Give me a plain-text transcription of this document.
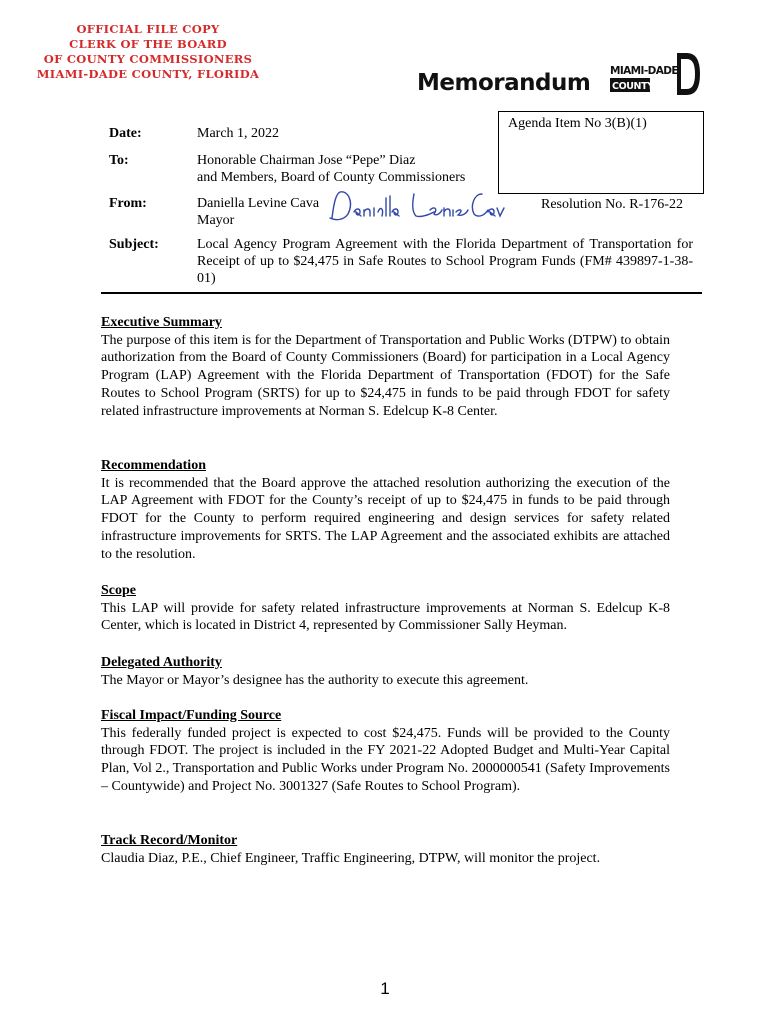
OFFICIAL FILE COPY
CLERK OF THE BOARD
OF COUNTY COMMISSIONERS
MIAMI-DADE COUNTY, FLORIDA	Memorandum MIAMI-DADE
COUNTY
Agenda Item No 3(B)(1)
Resolution No. R-176-22
Date:	March 1, 2022
To:	Honorable Chairman Jose “Pepe” Diaz
and Members, Board of County Commissioners
From:	Daniella Levine Cava
Mayor
Subject:	Local Agency Program Agreement with the Florida Department of Transportation for Receipt of up to $24,475 in Safe Routes to School Program Funds (FM# 439897-1-38-01)
Executive Summary

The purpose of this item is for the Department of Transportation and Public Works (DTPW) to obtain authorization from the Board of County Commissioners (Board) for participation in a Local Agency Program (LAP) Agreement with the Florida Department of Transportation (FDOT) for the Safe Routes to School Program (SRTS) for up to $24,475 in funds to be paid through FDOT for safety related infrastructure improvements at Norman S. Edelcup K-8 Center.

Recommendation

It is recommended that the Board approve the attached resolution authorizing the execution of the LAP Agreement with FDOT for the County’s receipt of up to $24,475 in funds to be paid through FDOT for the County to perform required engineering and design services for safety related infrastructure improvements for SRTS. The LAP Agreement and the associated exhibits are attached to the resolution.

Scope

This LAP will provide for safety related infrastructure improvements at Norman S. Edelcup K-8 Center, which is located in District 4, represented by Commissioner Sally Heyman.

Delegated Authority

The Mayor or Mayor’s designee has the authority to execute this agreement.

Fiscal Impact/Funding Source

This federally funded project is expected to cost $24,475. Funds will be provided to the County through FDOT. The project is included in the FY 2021-22 Adopted Budget and Multi-Year Capital Plan, Vol 2., Transportation and Public Works under Program No. 2000000541 (Safety Improvements – Countywide) and Project No. 3001327 (Safe Routes to School Program).

Track Record/Monitor

Claudia Diaz, P.E., Chief Engineer, Traffic Engineering, DTPW, will monitor the project.

1
